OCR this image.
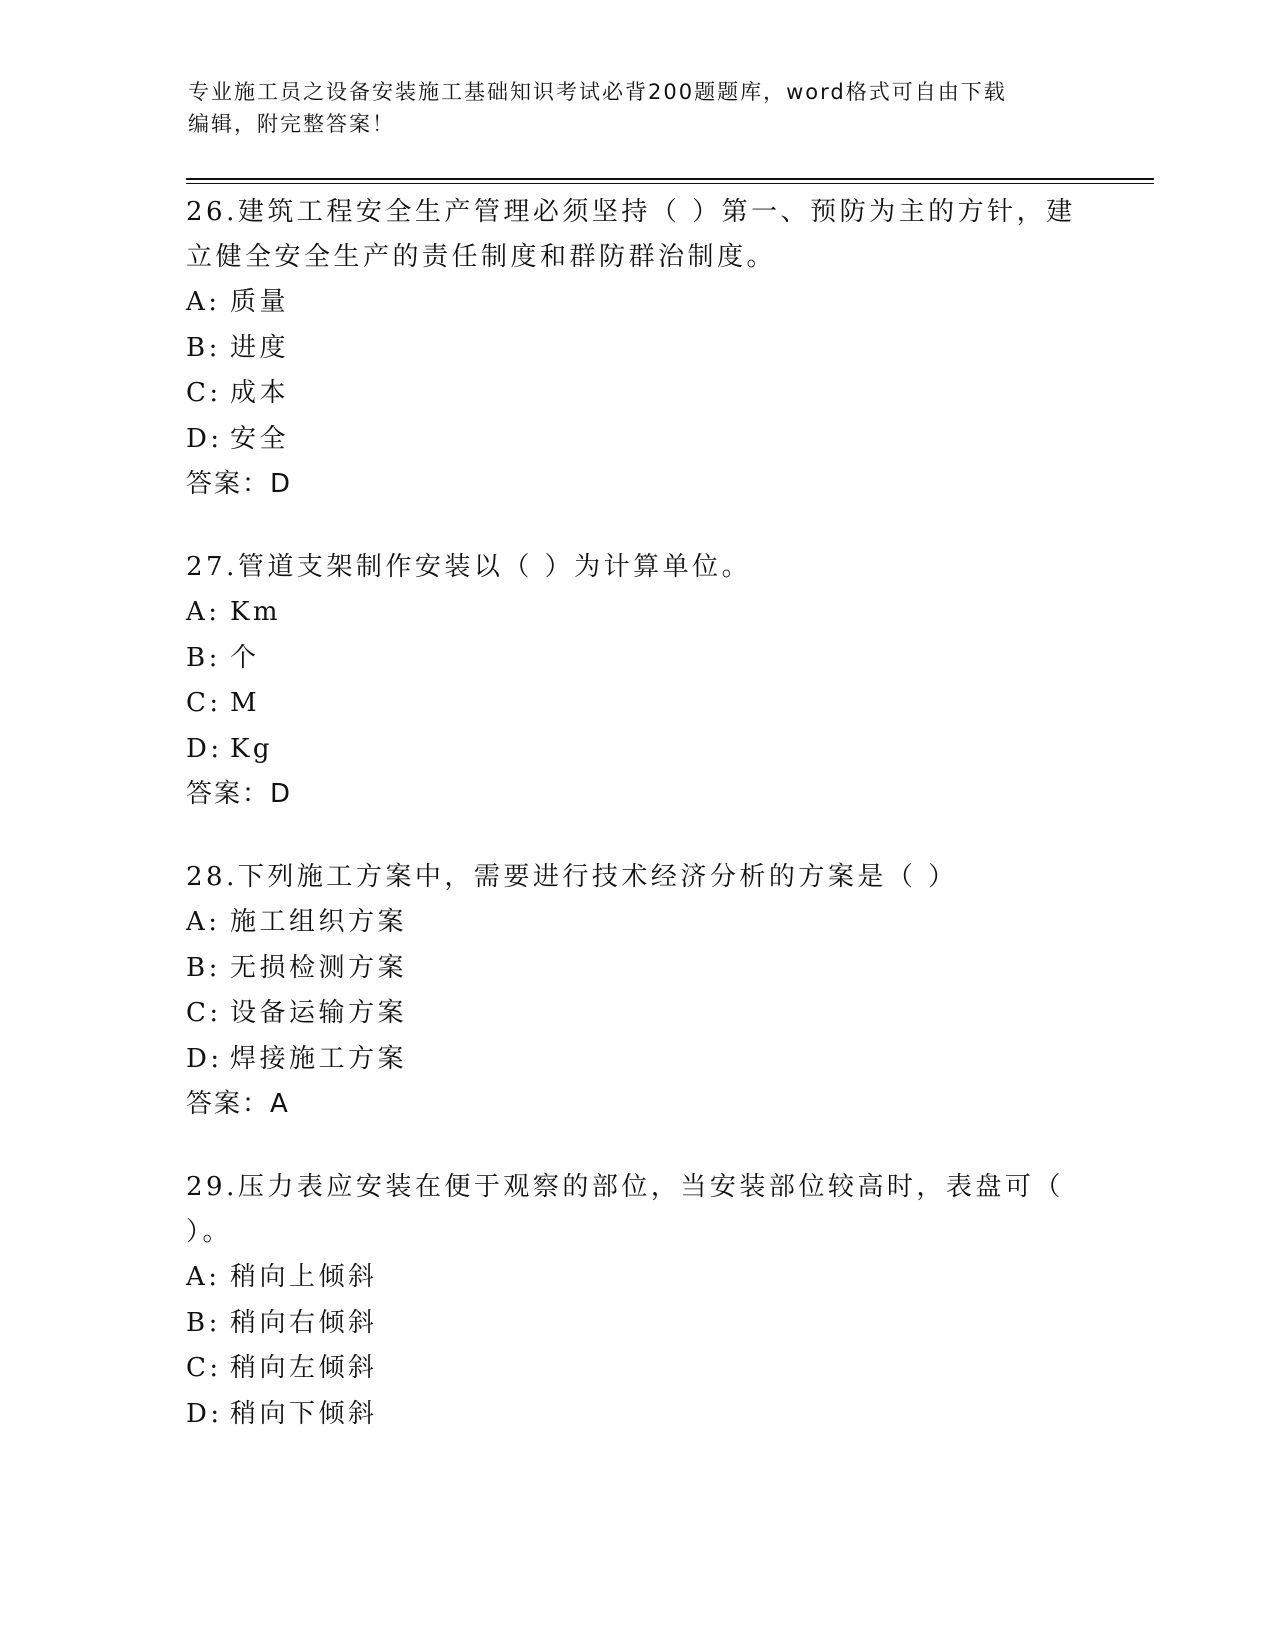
专业施工员之设备安装施工基础知识考试必背200题题库，word格式可自由下载
编辑，附完整答案！
26.建筑工程安全生产管理必须坚持（ ）第一、预防为主的方针，建
立健全安全生产的责任制度和群防群治制度。
A: 质量
B: 进度
C: 成本
D: 安全
答案：D
27.管道支架制作安装以（ ）为计算单位。
A: Km
B: 个
C: M
D: Kg
答案：D
28.下列施工方案中，需要进行技术经济分析的方案是（ ）
A: 施工组织方案
B: 无损检测方案
C: 设备运输方案
D: 焊接施工方案
答案：A
29.压力表应安装在便于观察的部位，当安装部位较高时，表盘可（
）。
A: 稍向上倾斜
B: 稍向右倾斜
C: 稍向左倾斜
D: 稍向下倾斜
